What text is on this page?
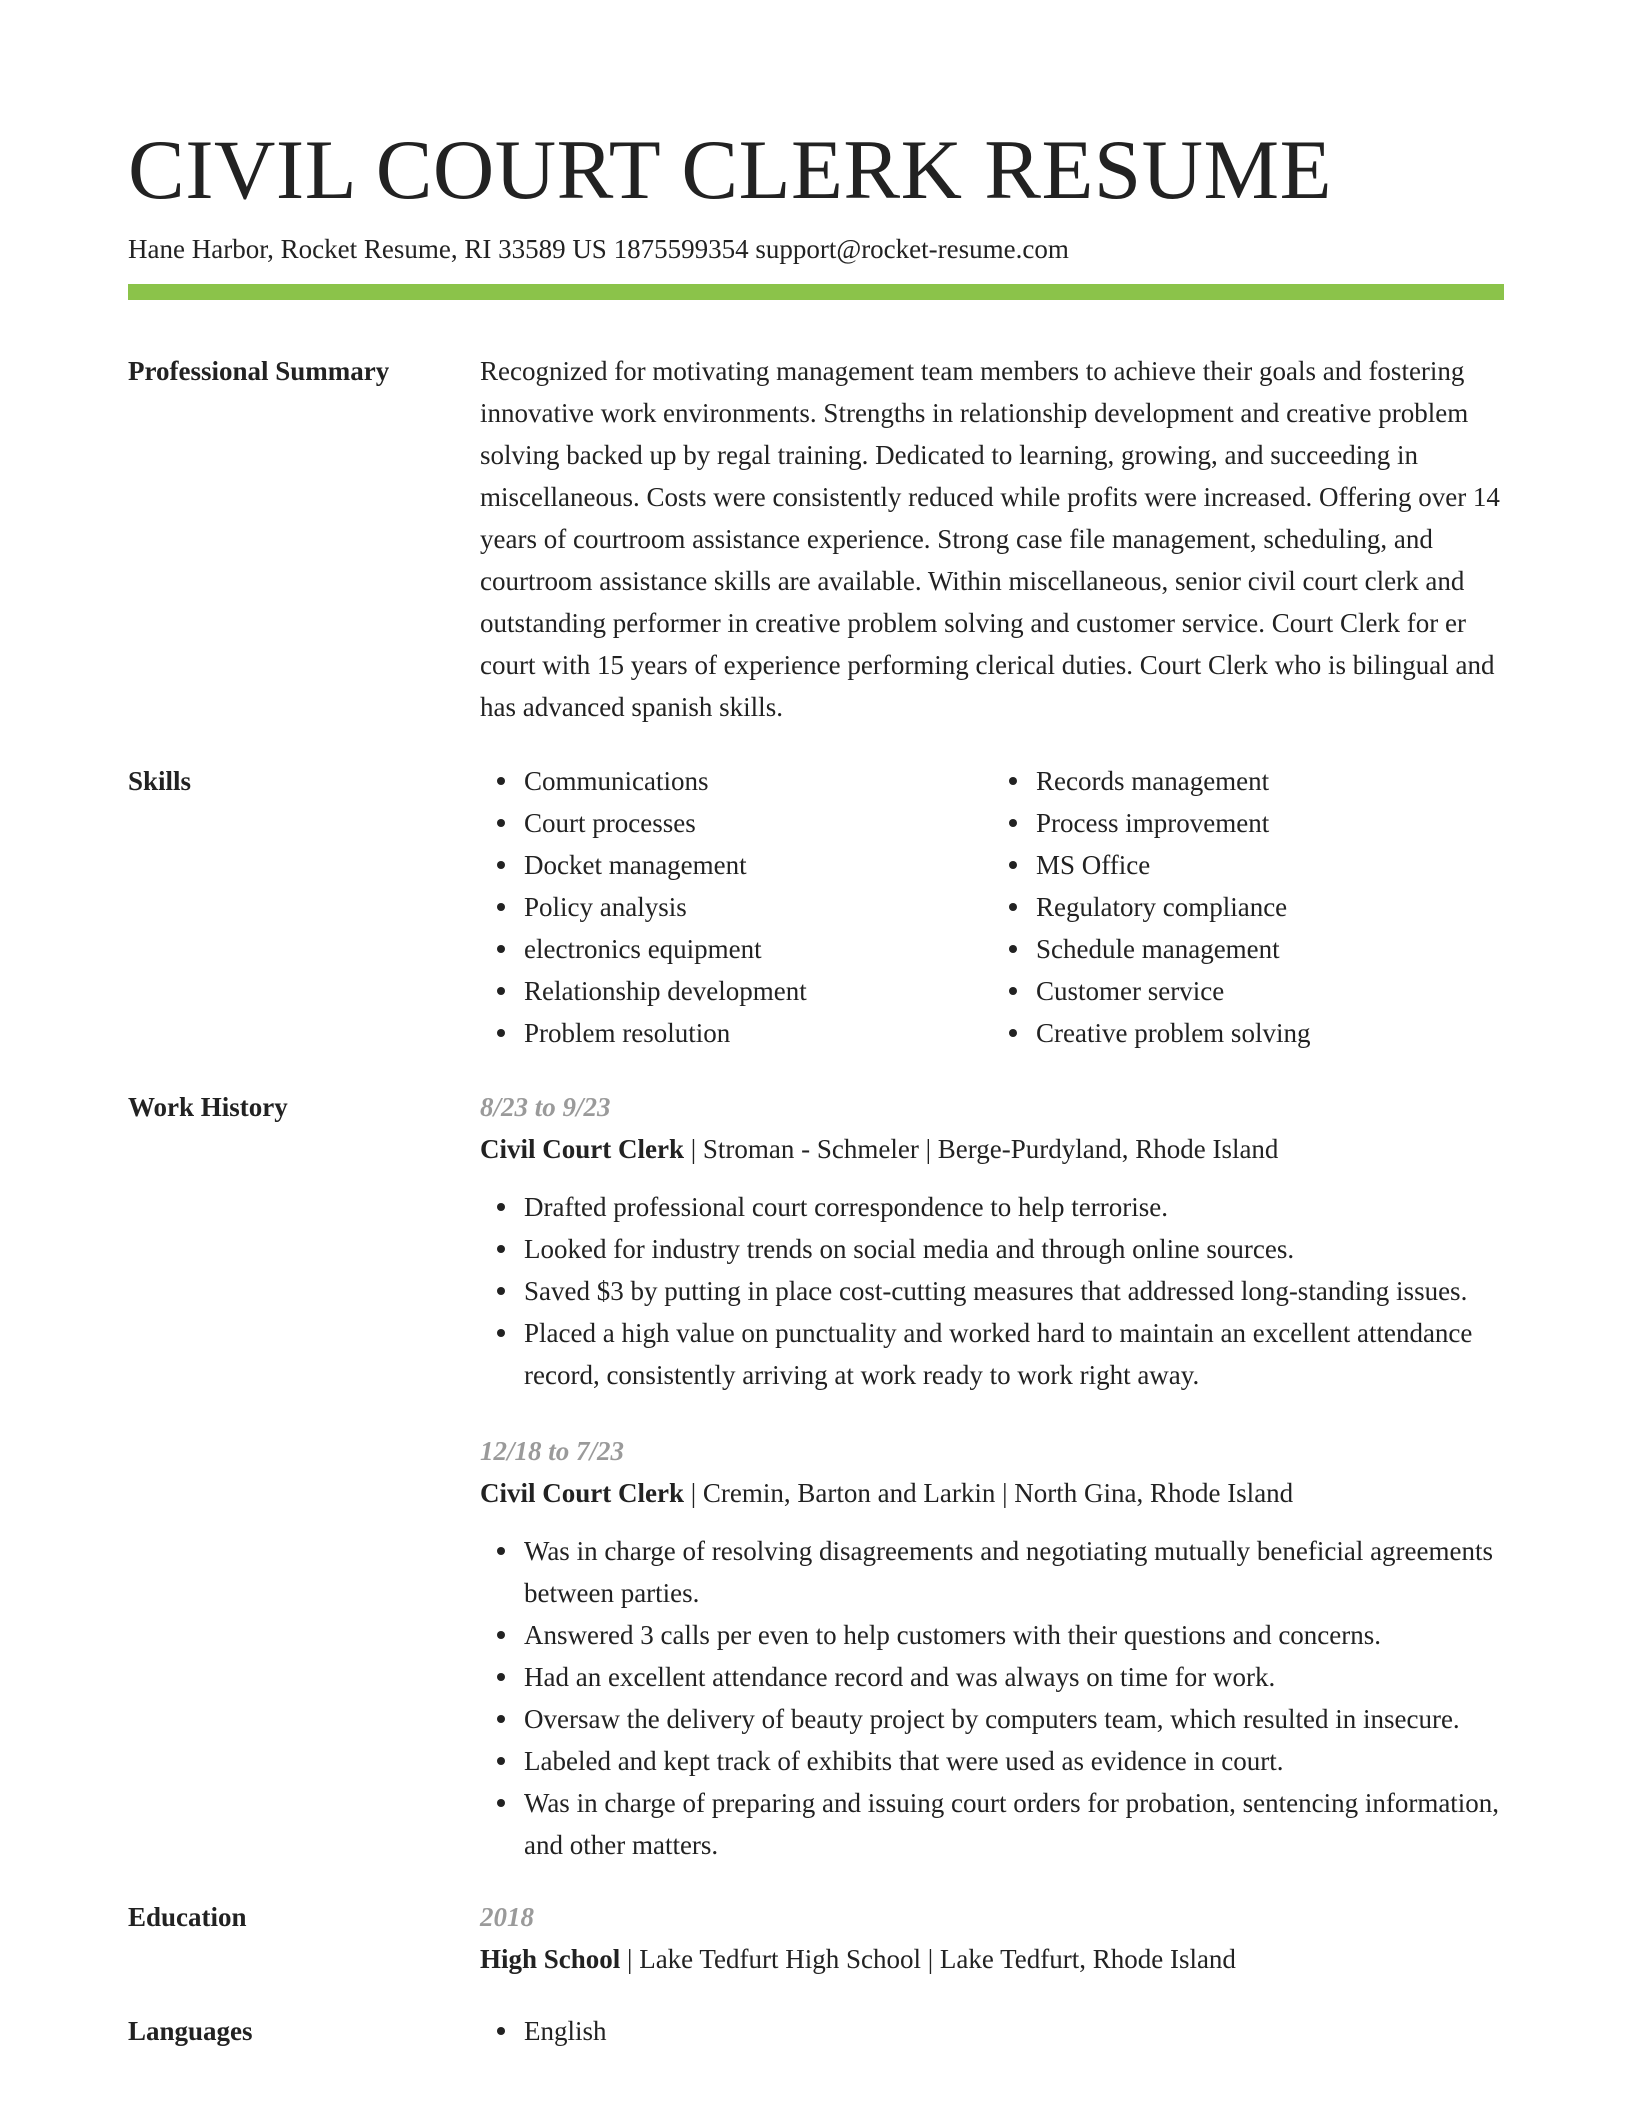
CIVIL COURT CLERK RESUME
Hane Harbor, Rocket Resume, RI 33589 US 1875599354 support@rocket-resume.com
Professional Summary	Recognized for motivating management team members to achieve their goals and fostering innovative work environments. Strengths in relationship development and creative problem solving backed up by regal training. Dedicated to learning, growing, and succeeding in miscellaneous. Costs were consistently reduced while profits were increased. Offering over 14 years of courtroom assistance experience. Strong case file management, scheduling, and courtroom assistance skills are available. Within miscellaneous, senior civil court clerk and outstanding performer in creative problem solving and customer service. Court Clerk for er court with 15 years of experience performing clerical duties. Court Clerk who is bilingual and has advanced spanish skills.

Skills	Communications
Court processes
Docket management
Policy analysis
electronics equipment
Relationship development
Problem resolution
Records management
Process improvement
MS Office
Regulatory compliance
Schedule management
Customer service
Creative problem solving
Work History	8/23 to 9/23
Civil Court Clerk | Stroman - Schmeler | Berge-Purdyland, Rhode Island
Drafted professional court correspondence to help terrorise.
Looked for industry trends on social media and through online sources.
Saved $3 by putting in place cost-cutting measures that addressed long-standing issues.
Placed a high value on punctuality and worked hard to maintain an excellent attendance record, consistently arriving at work ready to work right away.
12/18 to 7/23
Civil Court Clerk | Cremin, Barton and Larkin | North Gina, Rhode Island
Was in charge of resolving disagreements and negotiating mutually beneficial agreements between parties.
Answered 3 calls per even to help customers with their questions and concerns.
Had an excellent attendance record and was always on time for work.
Oversaw the delivery of beauty project by computers team, which resulted in insecure.
Labeled and kept track of exhibits that were used as evidence in court.
Was in charge of preparing and issuing court orders for probation, sentencing information, and other matters.
Education	2018
High School | Lake Tedfurt High School | Lake Tedfurt, Rhode Island
Languages	English
